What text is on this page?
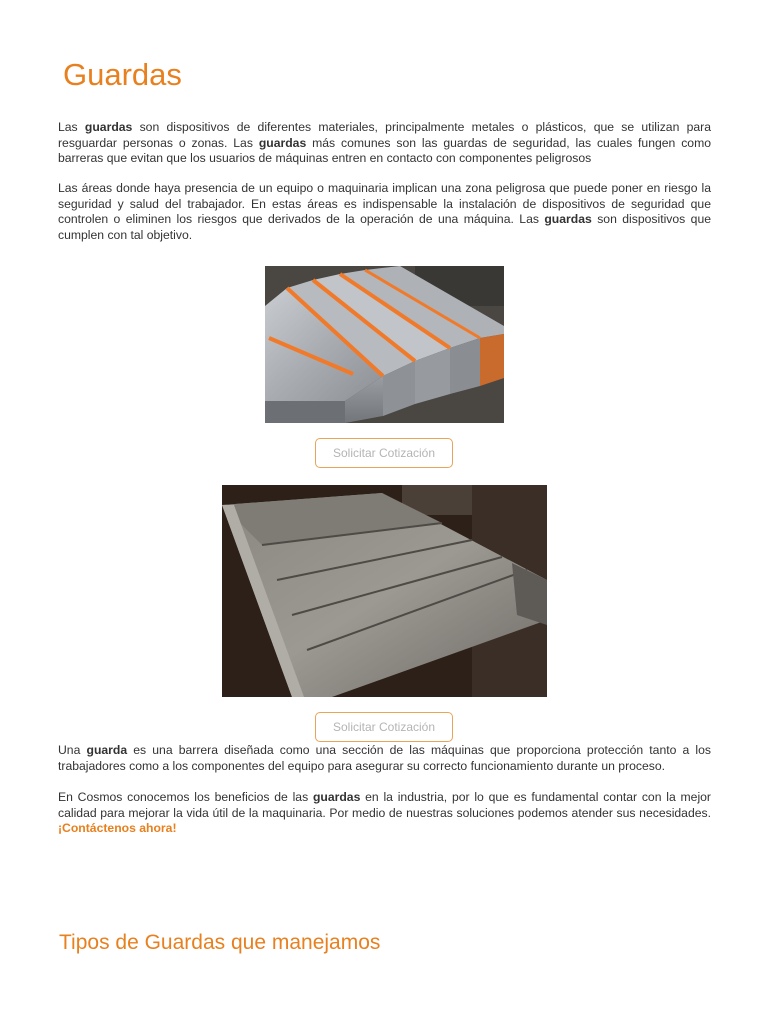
Guardas

Las guardas son dispositivos de diferentes materiales, principalmente metales o plásticos, que se utilizan para resguardar personas o zonas. Las guardas más comunes son las guardas de seguridad, las cuales fungen como barreras que evitan que los usuarios de máquinas entren en contacto con componentes peligrosos

Las áreas donde haya presencia de un equipo o maquinaria implican una zona peligrosa que puede poner en riesgo la seguridad y salud del trabajador. En estas áreas es indispensable la instalación de dispositivos de seguridad que controlen o eliminen los riesgos que derivados de la operación de una máquina. Las guardas son dispositivos que cumplen con tal objetivo.

Solicitar Cotización
Solicitar Cotización

Una guarda es una barrera diseñada como una sección de las máquinas que proporciona protección tanto a los trabajadores como a los componentes del equipo para asegurar su correcto funcionamiento durante un proceso.

En Cosmos conocemos los beneficios de las guardas en la industria, por lo que es fundamental contar con la mejor calidad para mejorar la vida útil de la maquinaria. Por medio de nuestras soluciones podemos atender sus necesidades. ¡Contáctenos ahora!

Tipos de Guardas que manejamos
